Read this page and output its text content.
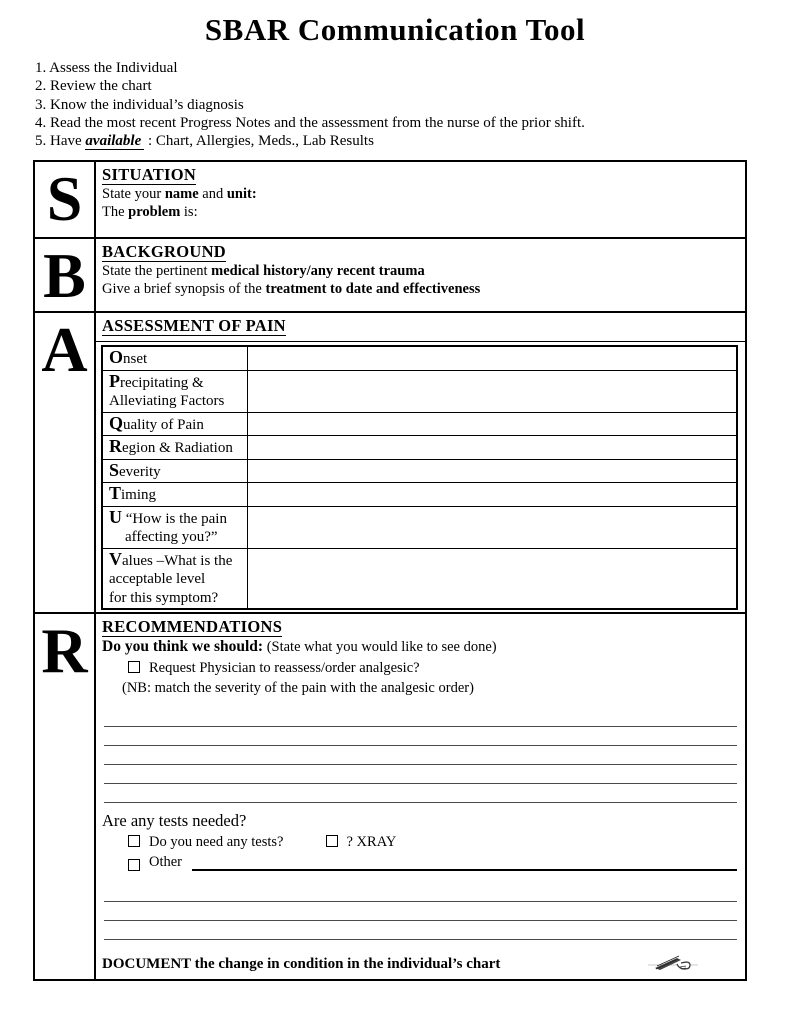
SBAR Communication Tool
1. Assess the Individual
2. Review the chart
3. Know the individual’s diagnosis
4. Read the most recent Progress Notes and the assessment from the nurse of the prior shift.
5. Have available : Chart, Allergies, Meds., Lab Results
S	SITUATION
State your name and unit:
The problem is:
B BACKGROUND
State the pertinent medical history/any recent trauma
Give a brief synopsis of the treatment to date and effectiveness
A ASSESSMENT OF PAIN
Onset
Precipitating &
Alleviating Factors
Quality of Pain
Region & Radiation
Severity
Timing
U “How is the pain
affecting you?”
Values –What is the
acceptable level
for this symptom?
R RECOMMENDATIONS
Do you think we should: (State what you would like to see done)
Request Physician to reassess/order analgesic?
(NB: match the severity of the pain with the analgesic order)
Are any tests needed?
Do you need any tests?	? XRAY
Other
DOCUMENT the change in condition in the individual’s chart
